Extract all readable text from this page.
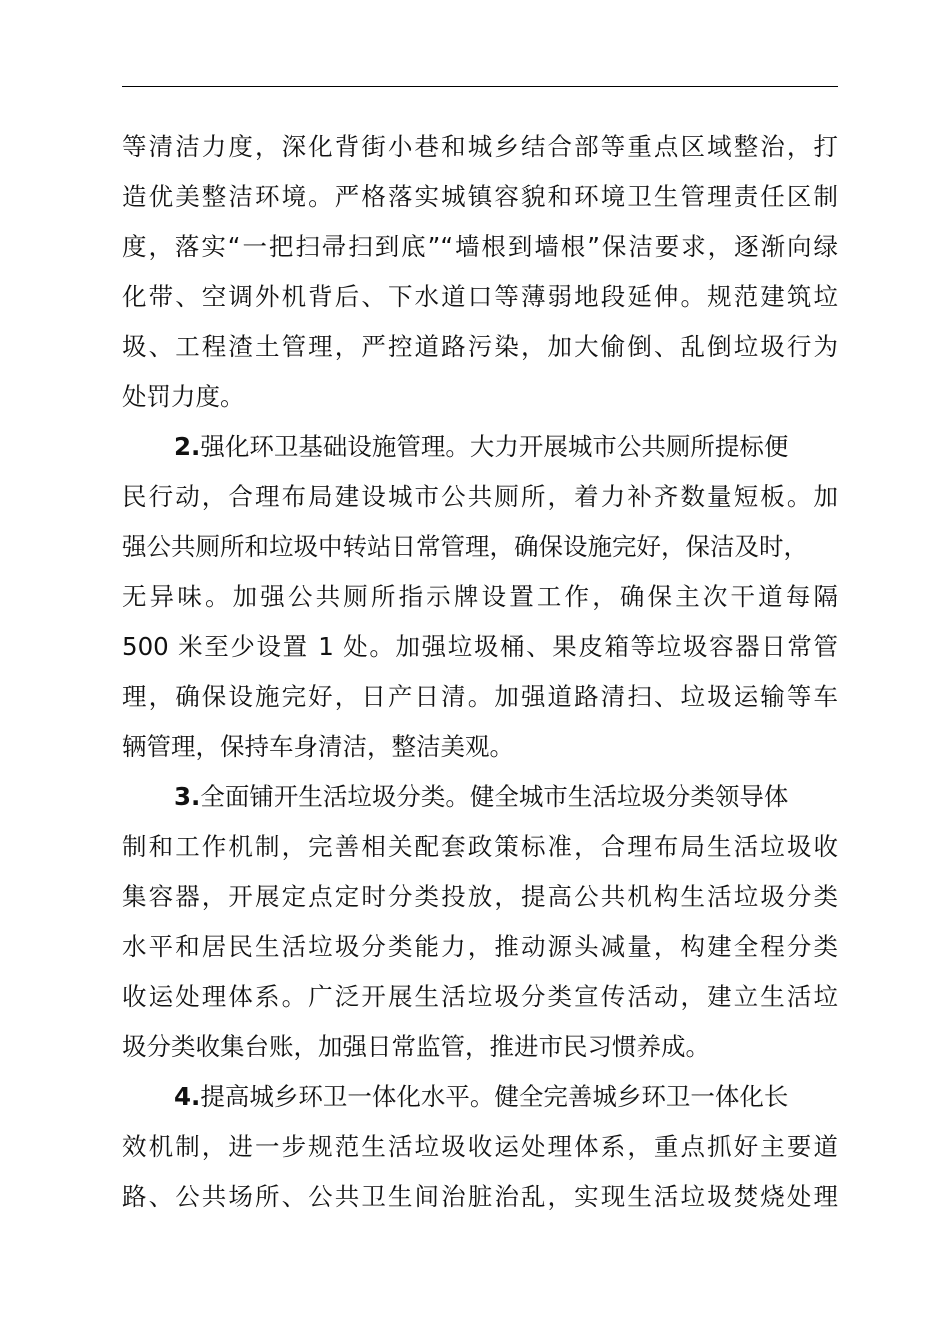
等清洁力度，深化背街小巷和城乡结合部等重点区域整治，打
造优美整洁环境。严格落实城镇容貌和环境卫生管理责任区制
度，落实“一把扫帚扫到底”“墙根到墙根”保洁要求，逐渐向绿
化带、空调外机背后、下水道口等薄弱地段延伸。规范建筑垃
圾、工程渣土管理，严控道路污染，加大偷倒、乱倒垃圾行为
处罚力度。
2.强化环卫基础设施管理。大力开展城市公共厕所提标便
民行动，合理布局建设城市公共厕所，着力补齐数量短板。加
强公共厕所和垃圾中转站日常管理，确保设施完好，保洁及时，
无异味。加强公共厕所指示牌设置工作，确保主次干道每隔
500 米至少设置 1 处。加强垃圾桶、果皮箱等垃圾容器日常管
理，确保设施完好，日产日清。加强道路清扫、垃圾运输等车
辆管理，保持车身清洁，整洁美观。
3.全面铺开生活垃圾分类。健全城市生活垃圾分类领导体
制和工作机制，完善相关配套政策标准，合理布局生活垃圾收
集容器，开展定点定时分类投放，提高公共机构生活垃圾分类
水平和居民生活垃圾分类能力，推动源头减量，构建全程分类
收运处理体系。广泛开展生活垃圾分类宣传活动，建立生活垃
圾分类收集台账，加强日常监管，推进市民习惯养成。
4.提高城乡环卫一体化水平。健全完善城乡环卫一体化长
效机制，进一步规范生活垃圾收运处理体系，重点抓好主要道
路、公共场所、公共卫生间治脏治乱，实现生活垃圾焚烧处理
